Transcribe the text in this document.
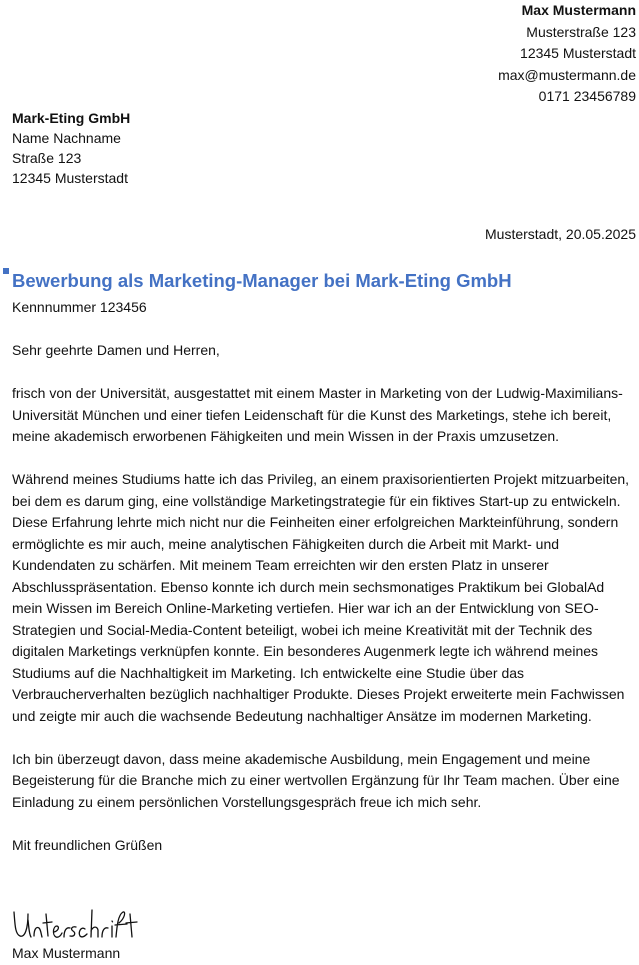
Max Mustermann
Musterstraße 123
12345 Musterstadt
max@mustermann.de
0171 23456789
Mark-Eting GmbH
Name Nachname
Straße 123
12345 Musterstadt
Musterstadt, 20.05.2025
Bewerbung als Marketing-Manager bei Mark-Eting GmbH
Kennnummer 123456

Sehr geehrte Damen und Herren,

frisch von der Universität, ausgestattet mit einem Master in Marketing von der Ludwig-Maximilians-Universität München und einer tiefen Leidenschaft für die Kunst des Marketings, stehe ich bereit, meine akademisch erworbenen Fähigkeiten und mein Wissen in der Praxis umzusetzen.

Während meines Studiums hatte ich das Privileg, an einem praxisorientierten Projekt mitzuarbeiten, bei dem es darum ging, eine vollständige Marketingstrategie für ein fiktives Start-up zu entwickeln. Diese Erfahrung lehrte mich nicht nur die Feinheiten einer erfolgreichen Markteinführung, sondern ermöglichte es mir auch, meine analytischen Fähigkeiten durch die Arbeit mit Markt- und Kundendaten zu schärfen. Mit meinem Team erreichten wir den ersten Platz in unserer Abschlusspräsentation. Ebenso konnte ich durch mein sechsmonatiges Praktikum bei GlobalAd mein Wissen im Bereich Online-Marketing vertiefen. Hier war ich an der Entwicklung von SEO-Strategien und Social-Media-Content beteiligt, wobei ich meine Kreativität mit der Technik des digitalen Marketings verknüpfen konnte. Ein besonderes Augenmerk legte ich während meines Studiums auf die Nachhaltigkeit im Marketing. Ich entwickelte eine Studie über das Verbraucherverhalten bezüglich nachhaltiger Produkte. Dieses Projekt erweiterte mein Fachwissen und zeigte mir auch die wachsende Bedeutung nachhaltiger Ansätze im modernen Marketing.

Ich bin überzeugt davon, dass meine akademische Ausbildung, mein Engagement und meine Begeisterung für die Branche mich zu einer wertvollen Ergänzung für Ihr Team machen. Über eine Einladung zu einem persönlichen Vorstellungsgespräch freue ich mich sehr.

Mit freundlichen Grüßen

Max Mustermann
